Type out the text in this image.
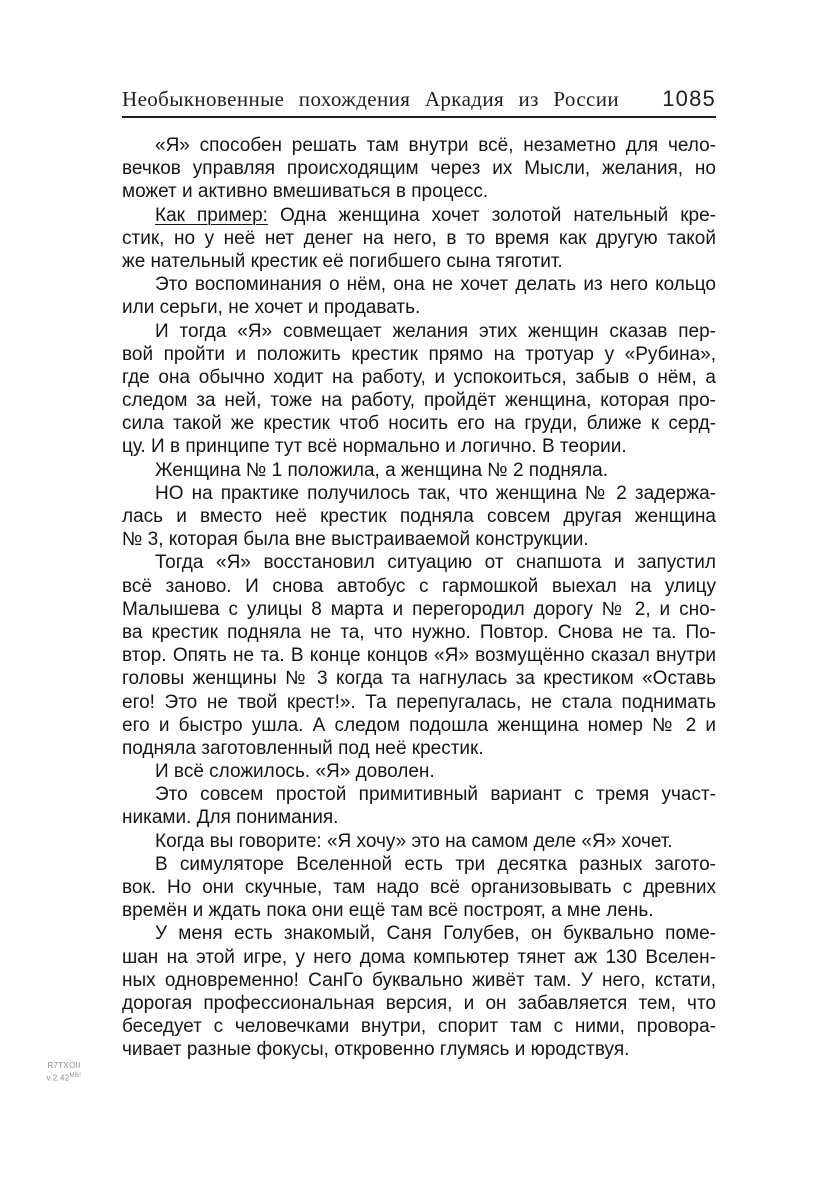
Необыкновенные похождения Аркадия из России 1085
«Я» способен решать там внутри всё, незаметно для чело-
вечков управляя происходящим через их Мысли, желания, но
может и активно вмешиваться в процесс.
Как пример: Одна женщина хочет золотой нательный кре-
стик, но у неё нет денег на него, в то время как другую такой
же нательный крестик её погибшего сына тяготит.
Это воспоминания о нём, она не хочет делать из него кольцо
или серьги, не хочет и продавать.
И тогда «Я» совмещает желания этих женщин сказав пер-
вой пройти и положить крестик прямо на тротуар у «Рубина»,
где она обычно ходит на работу, и успокоиться, забыв о нём, а
следом за ней, тоже на работу, пройдёт женщина, которая про-
сила такой же крестик чтоб носить его на груди, ближе к серд-
цу. И в принципе тут всё нормально и логично. В теории.
Женщина № 1 положила, а женщина № 2 подняла.
НО на практике получилось так, что женщина № 2 задержа-
лась и вместо неё крестик подняла совсем другая женщина
№ 3, которая была вне выстраиваемой конструкции.
Тогда «Я» восстановил ситуацию от снапшота и запустил
всё заново. И снова автобус с гармошкой выехал на улицу
Малышева с улицы 8 марта и перегородил дорогу № 2, и сно-
ва крестик подняла не та, что нужно. Повтор. Снова не та. По-
втор. Опять не та. В конце концов «Я» возмущённо сказал внутри
головы женщины № 3 когда та нагнулась за крестиком «Оставь
его! Это не твой крест!». Та перепугалась, не стала поднимать
его и быстро ушла. А следом подошла женщина номер № 2 и
подняла заготовленный под неё крестик.
И всё сложилось. «Я» доволен.
Это совсем простой примитивный вариант с тремя участ-
никами. Для понимания.
Когда вы говорите: «Я хочу» это на самом деле «Я» хочет.
В симуляторе Вселенной есть три десятка разных загото-
вок. Но они скучные, там надо всё организовывать с древних
времён и ждать пока они ещё там всё построят, а мне лень.
У меня есть знакомый, Саня Голубев, он буквально поме-
шан на этой игре, у него дома компьютер тянет аж 130 Вселен-
ных одновременно! СанГо буквально живёт там. У него, кстати,
дорогая профессиональная версия, и он забавляется тем, что
беседует с человечками внутри, спорит там с ними, провора-
чивает разные фокусы, откровенно глумясь и юродствуя.
R7TXOII
$v.2.42^{МВ^2}$
